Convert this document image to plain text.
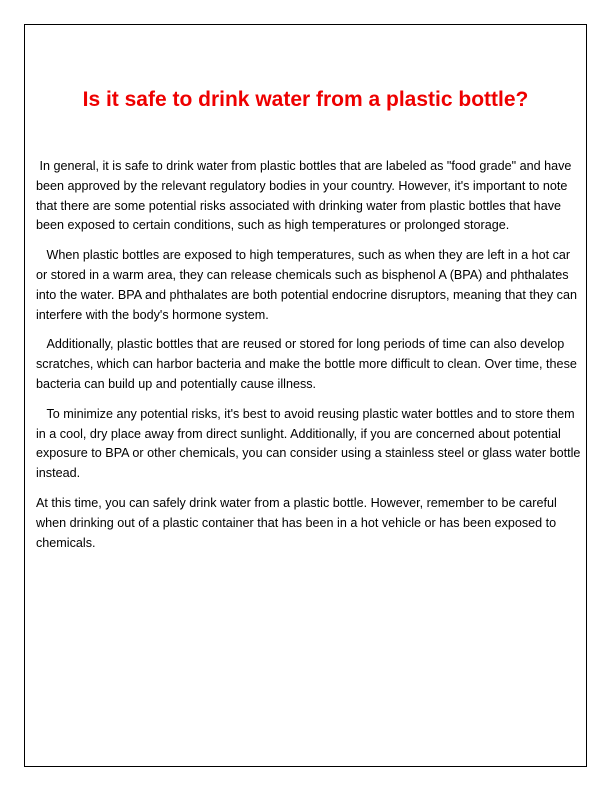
Is it safe to drink water from a plastic bottle?

In general, it is safe to drink water from plastic bottles that are labeled as "food grade" and have been approved by the relevant regulatory bodies in your country. However, it's important to note that there are some potential risks associated with drinking water from plastic bottles that have been exposed to certain conditions, such as high temperatures or prolonged storage.

When plastic bottles are exposed to high temperatures, such as when they are left in a hot car or stored in a warm area, they can release chemicals such as bisphenol A (BPA) and phthalates into the water. BPA and phthalates are both potential endocrine disruptors, meaning that they can interfere with the body's hormone system.

Additionally, plastic bottles that are reused or stored for long periods of time can also develop scratches, which can harbor bacteria and make the bottle more difficult to clean. Over time, these bacteria can build up and potentially cause illness.

To minimize any potential risks, it's best to avoid reusing plastic water bottles and to store them in a cool, dry place away from direct sunlight. Additionally, if you are concerned about potential exposure to BPA or other chemicals, you can consider using a stainless steel or glass water bottle instead.

At this time, you can safely drink water from a plastic bottle. However, remember to be careful when drinking out of a plastic container that has been in a hot vehicle or has been exposed to chemicals.
